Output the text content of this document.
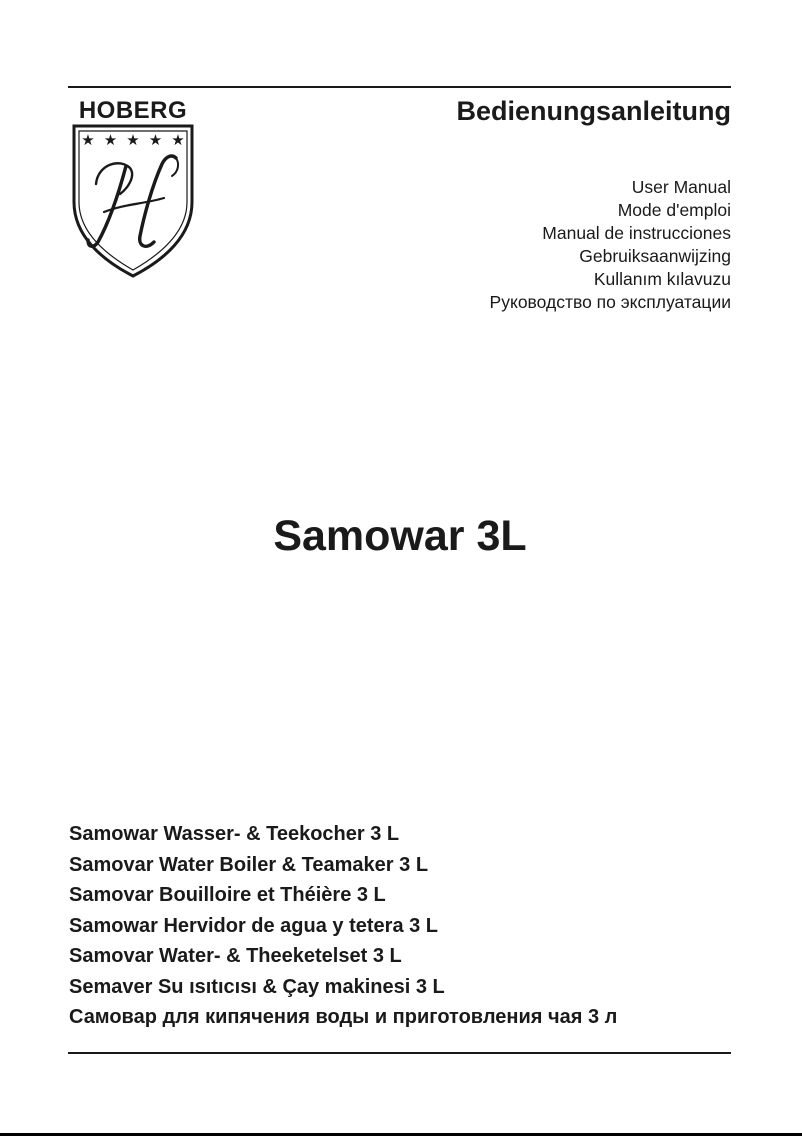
HOBERG
★ ★ ★ ★ ★
Bedienungsanleitung
User Manual
Mode d'emploi
Manual de instrucciones
Gebruiksaanwijzing
Kullanım kılavuzu
Руководство по эксплуатации
Samowar 3L
Samowar Wasser- & Teekocher 3 L
Samovar Water Boiler & Teamaker 3 L
Samovar Bouilloire et Théière 3 L
Samowar Hervidor de agua y tetera 3 L
Samovar Water- & Theeketelset 3 L
Semaver Su ısıtıcısı & Çay makinesi 3 L
Самовар для кипячения воды и приготовления чая 3 л
